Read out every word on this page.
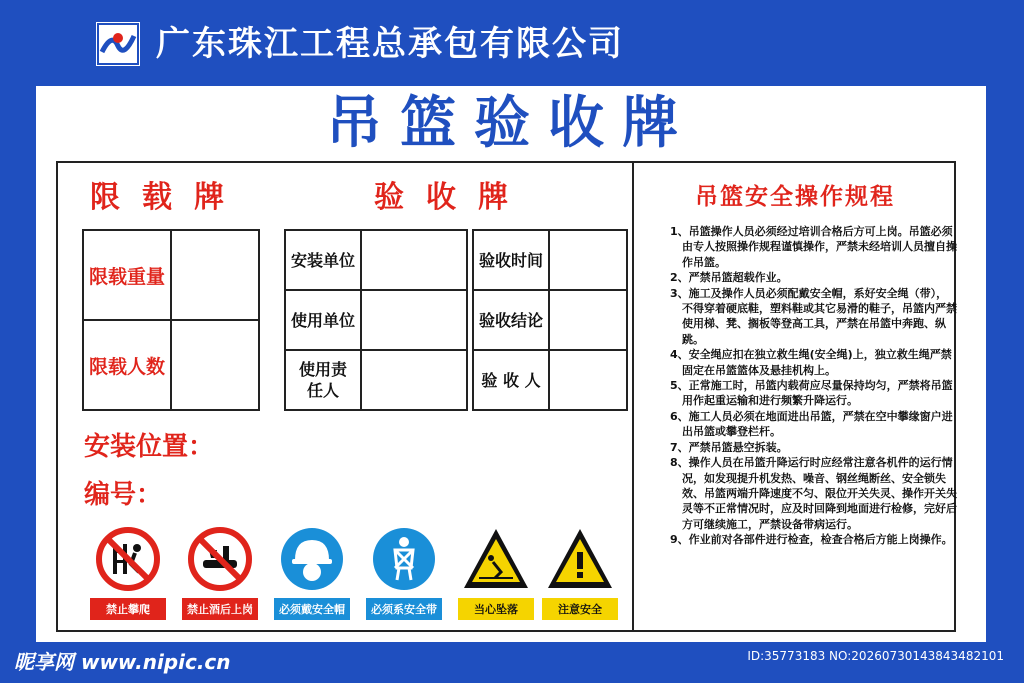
广东珠江工程总承包有限公司
吊篮验收牌
限载牌	验收牌
限载重量	
限载人数	
安装单位	
使用单位	
使用责任人	
验收时间	
验收结论	
验 收 人	
安装位置：
编号：
禁止攀爬	禁止酒后上岗	必须戴安全帽	必须系安全带	当心坠落	注意安全
吊篮安全操作规程
1、吊篮操作人员必须经过培训合格后方可上岗。吊篮必须由专人按照操作规程谨慎操作，严禁未经培训人员擅自操作吊篮。
2、严禁吊篮超载作业。
3、施工及操作人员必须配戴安全帽，系好安全绳（带），不得穿着硬底鞋，塑料鞋或其它易滑的鞋子，吊篮内严禁使用梯、凳、搁板等登高工具，严禁在吊篮中奔跑、纵跳。
4、安全绳应扣在独立救生绳(安全绳)上，独立救生绳严禁固定在吊篮篮体及悬挂机构上。
5、正常施工时，吊篮内载荷应尽量保持均匀，严禁将吊篮用作起重运输和进行频繁升降运行。
6、施工人员必须在地面进出吊篮，严禁在空中攀缘窗户进出吊篮或攀登栏杆。
7、严禁吊篮悬空拆装。
8、操作人员在吊篮升降运行时应经常注意各机件的运行情况，如发现提升机发热、噪音、钢丝绳断丝、安全锁失效、吊篮两端升降速度不匀、限位开关失灵、操作开关失灵等不正常情况时，应及时回降到地面进行检修，完好后方可继续施工，严禁设备带病运行。
9、作业前对各部件进行检查，检查合格后方能上岗操作。
昵享网 www.nipic.cn	ID:35773183 NO:20260730143843482101
